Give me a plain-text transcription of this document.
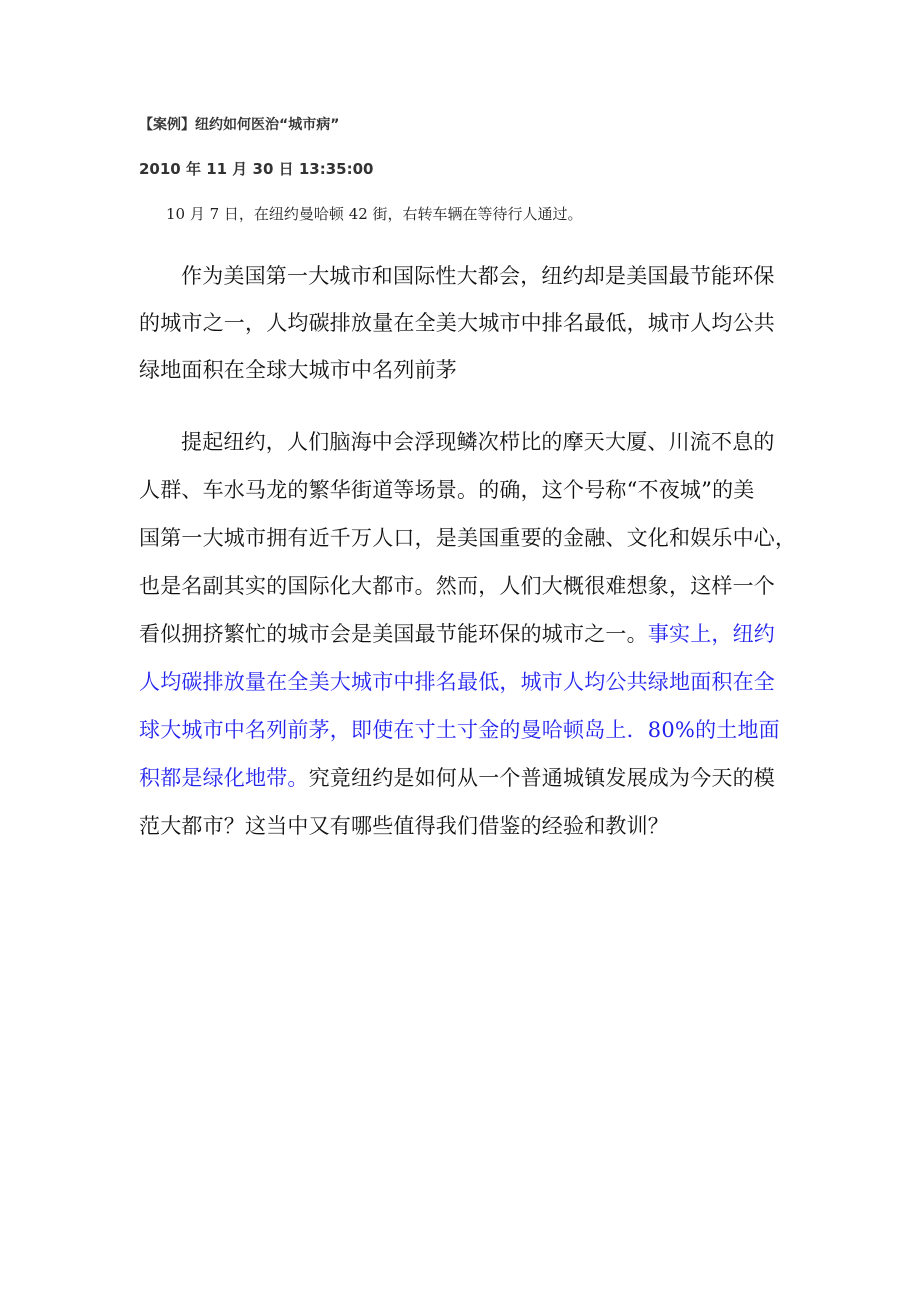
【案例】纽约如何医治“城市病”
2010 年 11 月 30 日 13:35:00
10 月 7 日，在纽约曼哈顿 42 街，右转车辆在等待行人通过。
作为美国第一大城市和国际性大都会，纽约却是美国最节能环保
的城市之一，人均碳排放量在全美大城市中排名最低，城市人均公共
绿地面积在全球大城市中名列前茅
提起纽约，人们脑海中会浮现鳞次栉比的摩天大厦、川流不息的
人群、车水马龙的繁华街道等场景。的确，这个号称“不夜城”的美
国第一大城市拥有近千万人口，是美国重要的金融、文化和娱乐中心，
也是名副其实的国际化大都市。然而，人们大概很难想象，这样一个
看似拥挤繁忙的城市会是美国最节能环保的城市之一。事实上，纽约
人均碳排放量在全美大城市中排名最低，城市人均公共绿地面积在全
球大城市中名列前茅，即使在寸土寸金的曼哈顿岛上．80%的土地面
积都是绿化地带。究竟纽约是如何从一个普通城镇发展成为今天的模
范大都市？这当中又有哪些值得我们借鉴的经验和教训？
